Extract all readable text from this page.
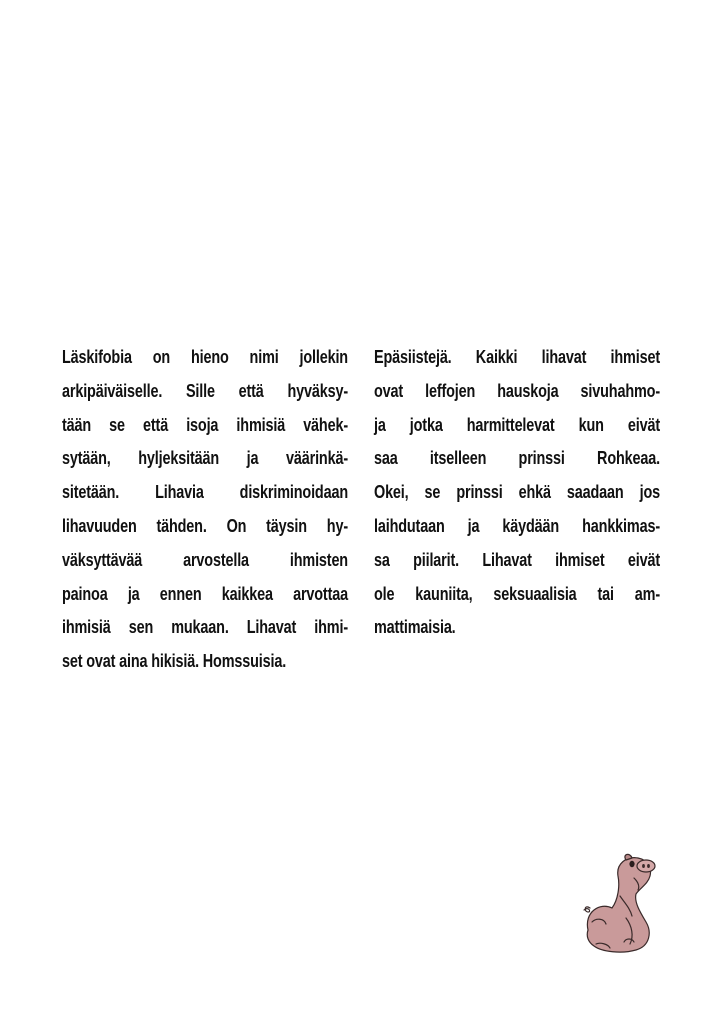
Läskifobia on hieno nimi jollekin
arkipäiväiselle. Sille että hyväksy-
tään se että isoja ihmisiä vähek-
sytään, hyljeksitään ja väärinkä-
sitetään. Lihavia diskriminoidaan
lihavuuden tähden. On täysin hy-
väksyttävää arvostella ihmisten
painoa ja ennen kaikkea arvottaa
ihmisiä sen mukaan. Lihavat ihmi-
set ovat aina hikisiä. Homssuisia.
Epäsiistejä. Kaikki lihavat ihmiset
ovat leffojen hauskoja sivuhahmo-
ja jotka harmittelevat kun eivät
saa itselleen prinssi Rohkeaa.
Okei, se prinssi ehkä saadaan jos
laihdutaan ja käydään hankkimas-
sa piilarit. Lihavat ihmiset eivät
ole kauniita, seksuaalisia tai am-
mattimaisia.
